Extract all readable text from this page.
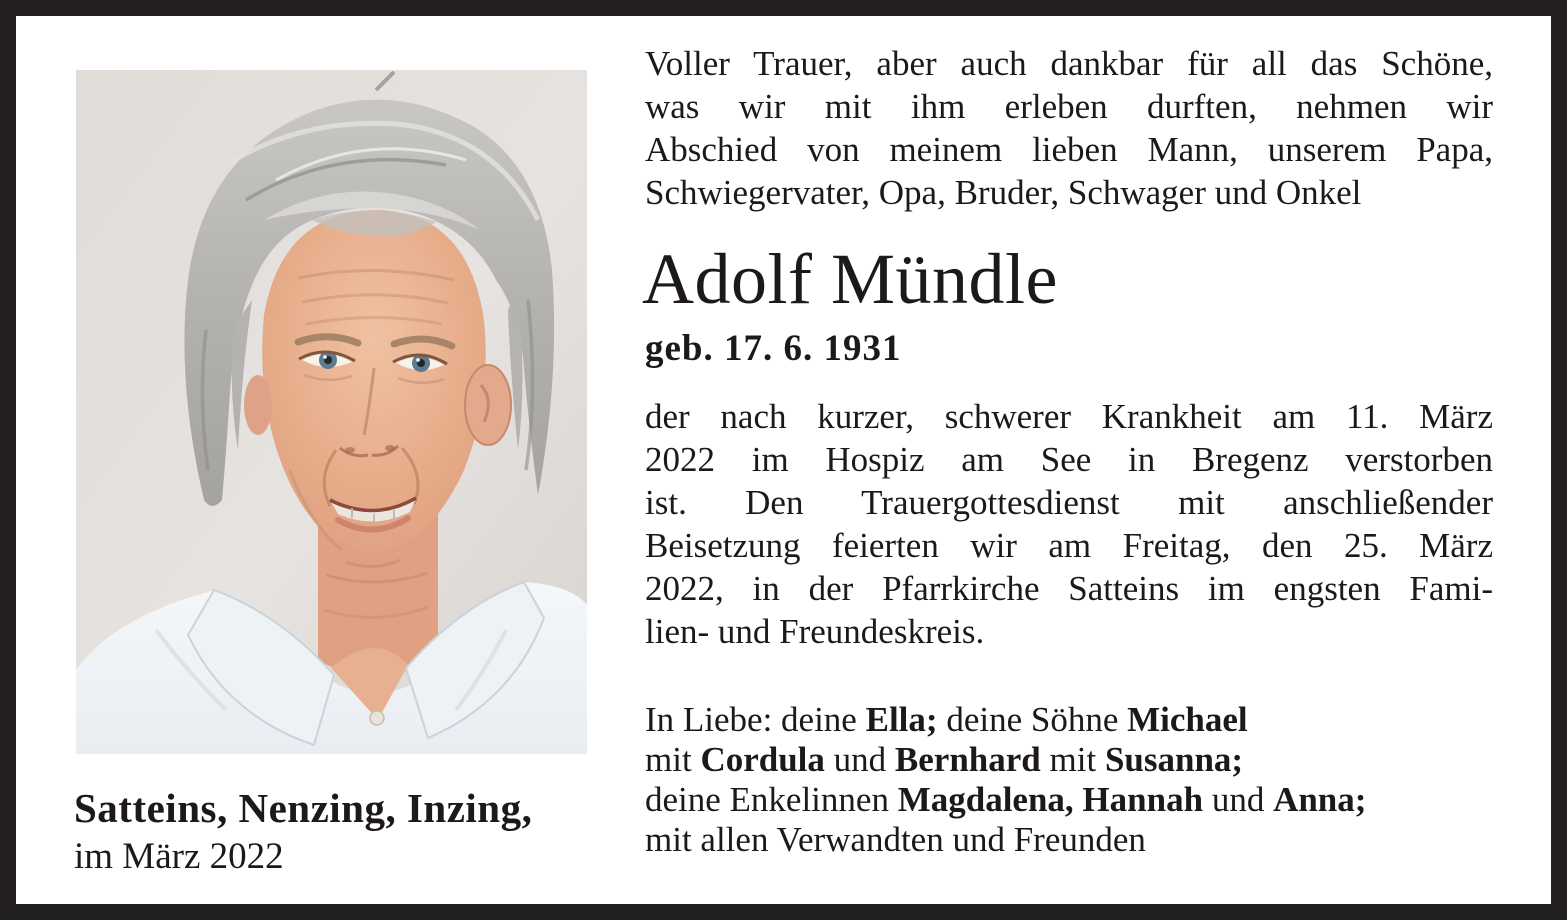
Voller Trauer, aber auch dankbar für all das Schöne,
was wir mit ihm erleben durften, nehmen wir
Abschied von meinem lieben Mann, unserem Papa,
Schwiegervater, Opa, Bruder, Schwager und Onkel
Adolf Mündle
geb. 17. 6. 1931
der nach kurzer, schwerer Krankheit am 11. März
2022 im Hospiz am See in Bregenz verstorben
ist. Den Trauergottesdienst mit anschließender
Beisetzung feierten wir am Freitag, den 25. März
2022, in der Pfarrkirche Satteins im engsten Fami-
lien- und Freundeskreis.
In Liebe: deine Ella; deine Söhne Michael
mit Cordula und Bernhard mit Susanna;
deine Enkelinnen Magdalena, Hannah und Anna;
mit allen Verwandten und Freunden
Satteins, Nenzing, Inzing,
im März 2022
